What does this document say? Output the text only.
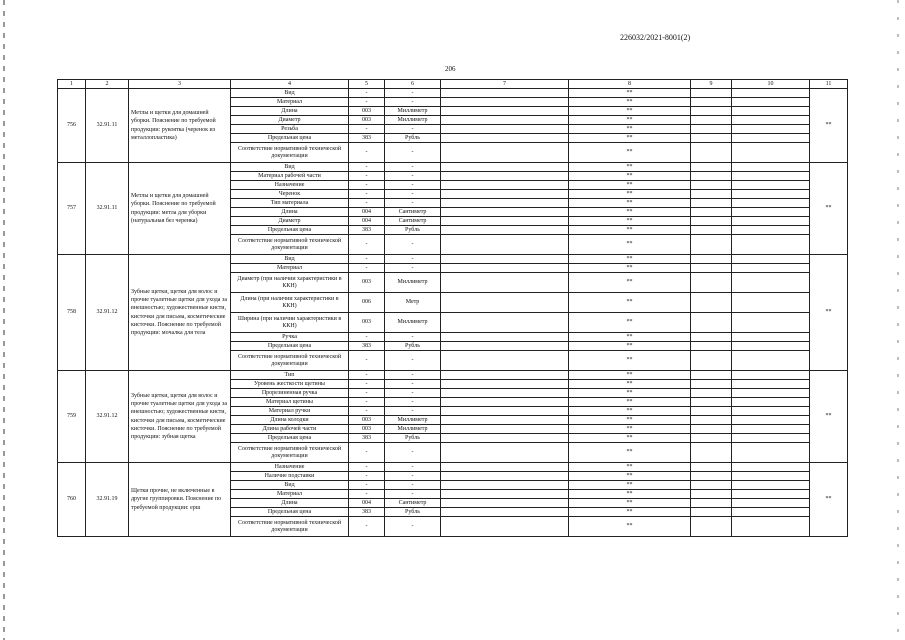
226032/2021-8001(2)
206
1	2	3	4	5	6	7	8	9	10	11
756	32.91.11	Метлы и щетки для домашней уборки. Пояснение по требуемой продукции: рукоятка (черенок из металлопластика)	Вид	-	-		**			**
			Материал	-	-		**			
			Длина	003	Миллиметр		**			
			Диаметр	003	Миллиметр		**			
			Резьба	-	-		**			
			Предельная цена	383	Рубль		**			
			Соответствие нормативной технической документации	-	-		**			
757	32.91.11	Метлы и щетки для домашней уборки. Пояснение по требуемой продукции: метла для уборки (натуральная без черенка)	Вид	-	-		**			**
			Материал рабочей части	-	-		**			
			Назначение	-	-		**			
			Черенок	-	-		**			
			Тип материала	-	-		**			
			Длина	004	Сантиметр		**			
			Диаметр	004	Сантиметр		**			
			Предельная цена	383	Рубль		**			
			Соответствие нормативной технической документации	-	-		**			
758	32.91.12	Зубные щетки, щетки для волос и прочие туалетные щетки для ухода за внешностью; художественные кисти, кисточки для письма, косметические кисточки. Пояснение по требуемой продукции: мочалка для тела	Вид	-	-		**			**
			Материал	-	-		**			
			Диаметр (при наличии характеристики в ККН)	003	Миллиметр		**			
			Длина (при наличии характеристики в ККН)	006	Метр		**			
			Ширина (при наличии характеристики в ККН)	003	Миллиметр		**			
			Ручка	-	-		**			
			Предельная цена	383	Рубль		**			
			Соответствие нормативной технической документации	-	-		**			
759	32.91.12	Зубные щетки, щетки для волос и прочие туалетные щетки для ухода за внешностью; художественные кисти, кисточки для письма, косметические кисточки. Пояснение по требуемой продукции: зубная щетка	Тип	-	-		**			**
			Уровень жесткости щетины	-	-		**			
			Прорезиненная ручка	-	-		**			
			Материал щетины	-	-		**			
			Материал ручки	-	-		**			
			Длина колодки	003	Миллиметр		**			
			Длина рабочей части	003	Миллиметр		**			
			Предельная цена	383	Рубль		**			
			Соответствие нормативной технической документации	-	-		**			
760	32.91.19	Щетки прочие, не включенные в другие группировки. Пояснение по требуемой продукции: ерш	Назначение	-	-		**			**
			Наличие подставки	-	-		**			
			Вид	-	-		**			
			Материал	-	-		**			
			Длина	004	Сантиметр		**			
			Предельная цена	383	Рубль		**			
			Соответствие нормативной технической документации	-	-		**			
